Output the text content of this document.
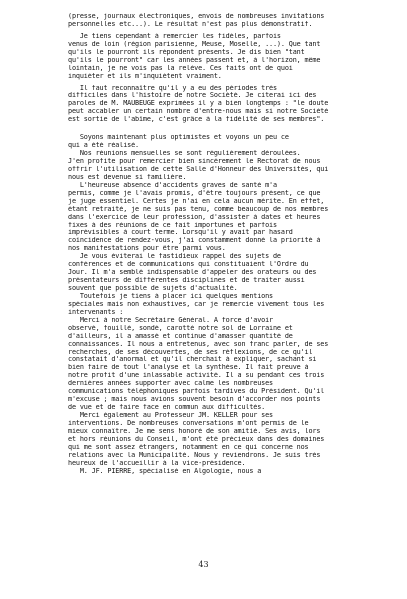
(presse, journaux électroniques, envois de nombreuses invitations
personnelles etc...). Le résultat n'est pas plus démonstratif.
Je tiens cependant à remercier les fidèles, parfois
venus de loin (région parisienne, Meuse, Moselle, ...). Que tant
qu'ils le pourront ils répondent présents. Je dis bien "tant
qu'ils le pourront" car les années passent et, à l'horizon, même
lointain, je ne vois pas la relève. Ces faits ont de quoi
inquiéter et ils m'inquiètent vraiment.
Il faut reconnaître qu'il y a eu des périodes très
difficiles dans l'histoire de notre Société. Je citerai ici des
paroles de M. MAUBEUGE exprimées il y a bien longtemps : "le doute
peut accabler un certain nombre d'entre-nous mais si notre Société
est sortie de l'abîme, c'est grâce à la fidélité de ses membres".
Soyons maintenant plus optimistes et voyons un peu ce
qui a été réalisé.
Nos réunions mensuelles se sont régulièrement déroulées.
J'en profite pour remercier bien sincèrement le Rectorat de nous
offrir l'utilisation de cette Salle d'Honneur des Universités, qui
nous est devenue si familière.
L'heureuse absence d'accidents graves de santé m'a
permis, comme je l'avais promis, d'être toujours présent, ce que
je juge essentiel. Certes je n'ai en cela aucun mérite. En effet,
étant retraité, je ne suis pas tenu, comme beaucoup de nos membres
dans l'exercice de leur profession, d'assister à dates et heures
fixes à des réunions de ce fait importunes et parfois
imprévisibles à court terme. Lorsqu'il y avait par hasard
coïncidence de rendez-vous, j'ai constamment donné la priorité à
nos manifestations pour être parmi vous.
Je vous éviterai le fastidieux rappel des sujets de
conférences et de communications qui constituaient l'Ordre du
Jour. Il m'a semblé indispensable d'appeler des orateurs ou des
présentateurs de différentes disciplines et de traiter aussi
souvent que possible de sujets d'actualité.
Toutefois je tiens à placer ici quelques mentions
spéciales mais non exhaustives, car je remercie vivement tous les
intervenants :
Merci à notre Secrétaire Général. A force d'avoir
observé, fouillé, sondé, carotté notre sol de Lorraine et
d'ailleurs, il a amassé et continue d'amasser quantité de
connaissances. Il nous a entretenus, avec son franc parler, de ses
recherches, de ses découvertes, de ses réflexions, de ce qu'il
constatait d'anormal et qu'il cherchait à expliquer, sachant si
bien faire de tout l'analyse et la synthèse. Il fait preuve à
notre profit d'une inlassable activité. Il a su pendant ces trois
dernières années supporter avec calme les nombreuses
communications téléphoniques parfois tardives du Président. Qu'il
m'excuse ; mais nous avions souvent besoin d'accorder nos points
de vue et de faire face en commun aux difficultés.
Merci également au Professeur JM. KELLER pour ses
interventions. De nombreuses conversations m'ont permis de le
mieux connaître. Je me sens honoré de son amitié. Ses avis, lors
et hors réunions du Conseil, m'ont été précieux dans des domaines
qui me sont assez étrangers, notamment en ce qui concerne nos
relations avec la Municipalité. Nous y reviendrons. Je suis très
heureux de l'accueillir à la vice-présidence.
M. JF. PIERRE, spécialisé en Algologie, nous a
43
